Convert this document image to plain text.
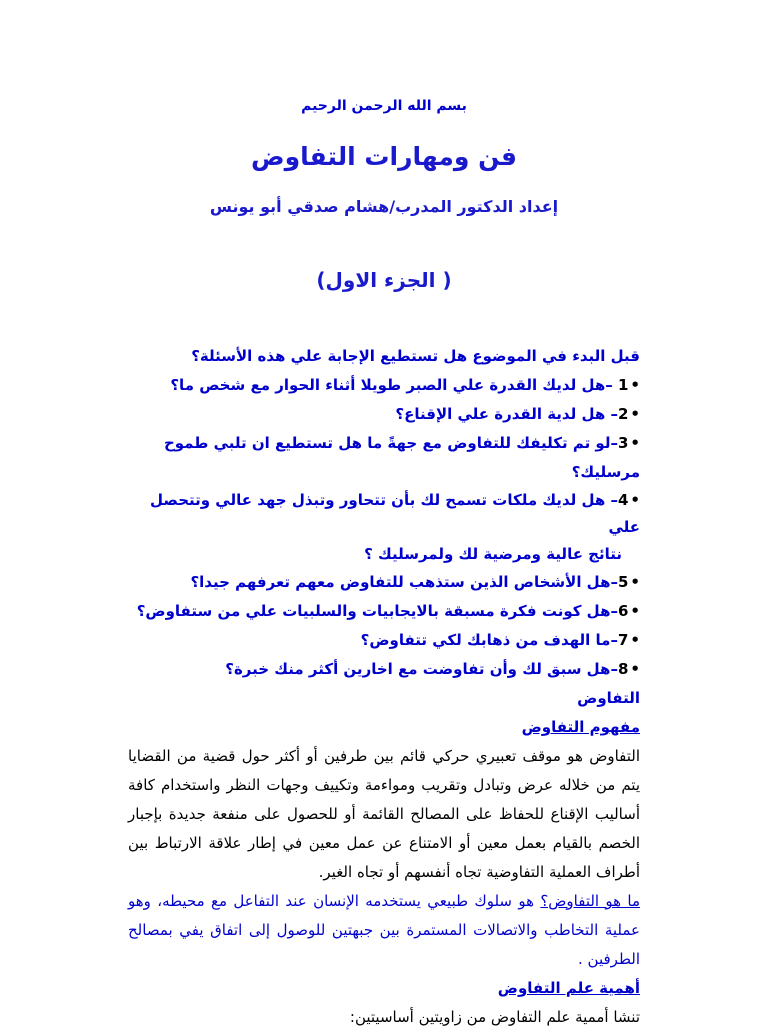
بسم الله الرحمن الرحيم
فن ومهارات التفاوض
إعداد الدكتور المدرب/هشام صدقي أبو يونس
( الجزء الاول)
قبل البدء في الموضوع هل تستطيع الإجابة علي هذه الأسئلة؟
•1 –هل لديك القدرة علي الصبر طويلا أثناء الحوار مع شخص ما؟
•2– هل لدية القدرة علي الإقناع؟
•3–لو تم تكليفك للتفاوض مع جهةً ما هل تستطيع ان تلبي طموح مرسليك؟
•4– هل لديك ملكات تسمح لك بأن تتحاور وتبذل جهد عالي وتتحصل علي
نتائج عالية ومرضية لك ولمرسليك ؟
•5–هل الأشخاص الذين ستذهب للتفاوض معهم تعرفهم جيدا؟
•6–هل كونت فكرة مسبقة بالايجابيات والسلبيات علي من ستفاوض؟
•7–ما الهدف من ذهابك لكي تتفاوض؟
•8–هل سبق لك وأن تفاوضت مع اخارين أكثر منك خبرة؟
التفاوض
مفهوم التفاوض
التفاوض هو موقف تعبيري حركي قائم بين طرفين أو أكثر حول قضية من القضايا يتم من خلاله عرض وتبادل وتقريب ومواءمة وتكييف وجهات النظر واستخدام كافة أساليب الإقناع للحفاظ على المصالح القائمة أو للحصول على منفعة جديدة بإجبار الخصم بالقيام بعمل معين أو الامتناع عن عمل معين في إطار علاقة الارتباط بين أطراف العملية التفاوضية تجاه أنفسهم أو تجاه الغير.
ما هو التفاوض؟ هو سلوك طبيعي يستخدمه الإنسان عند التفاعل مع محيطه، وهو عملية التخاطب والاتصالات المستمرة بين جبهتين للوصول إلى اتفاق يفي بمصالح الطرفين .
أهمية علم التفاوض
تنشا أممية علم التفاوض من زاويتين أساسيتين:
